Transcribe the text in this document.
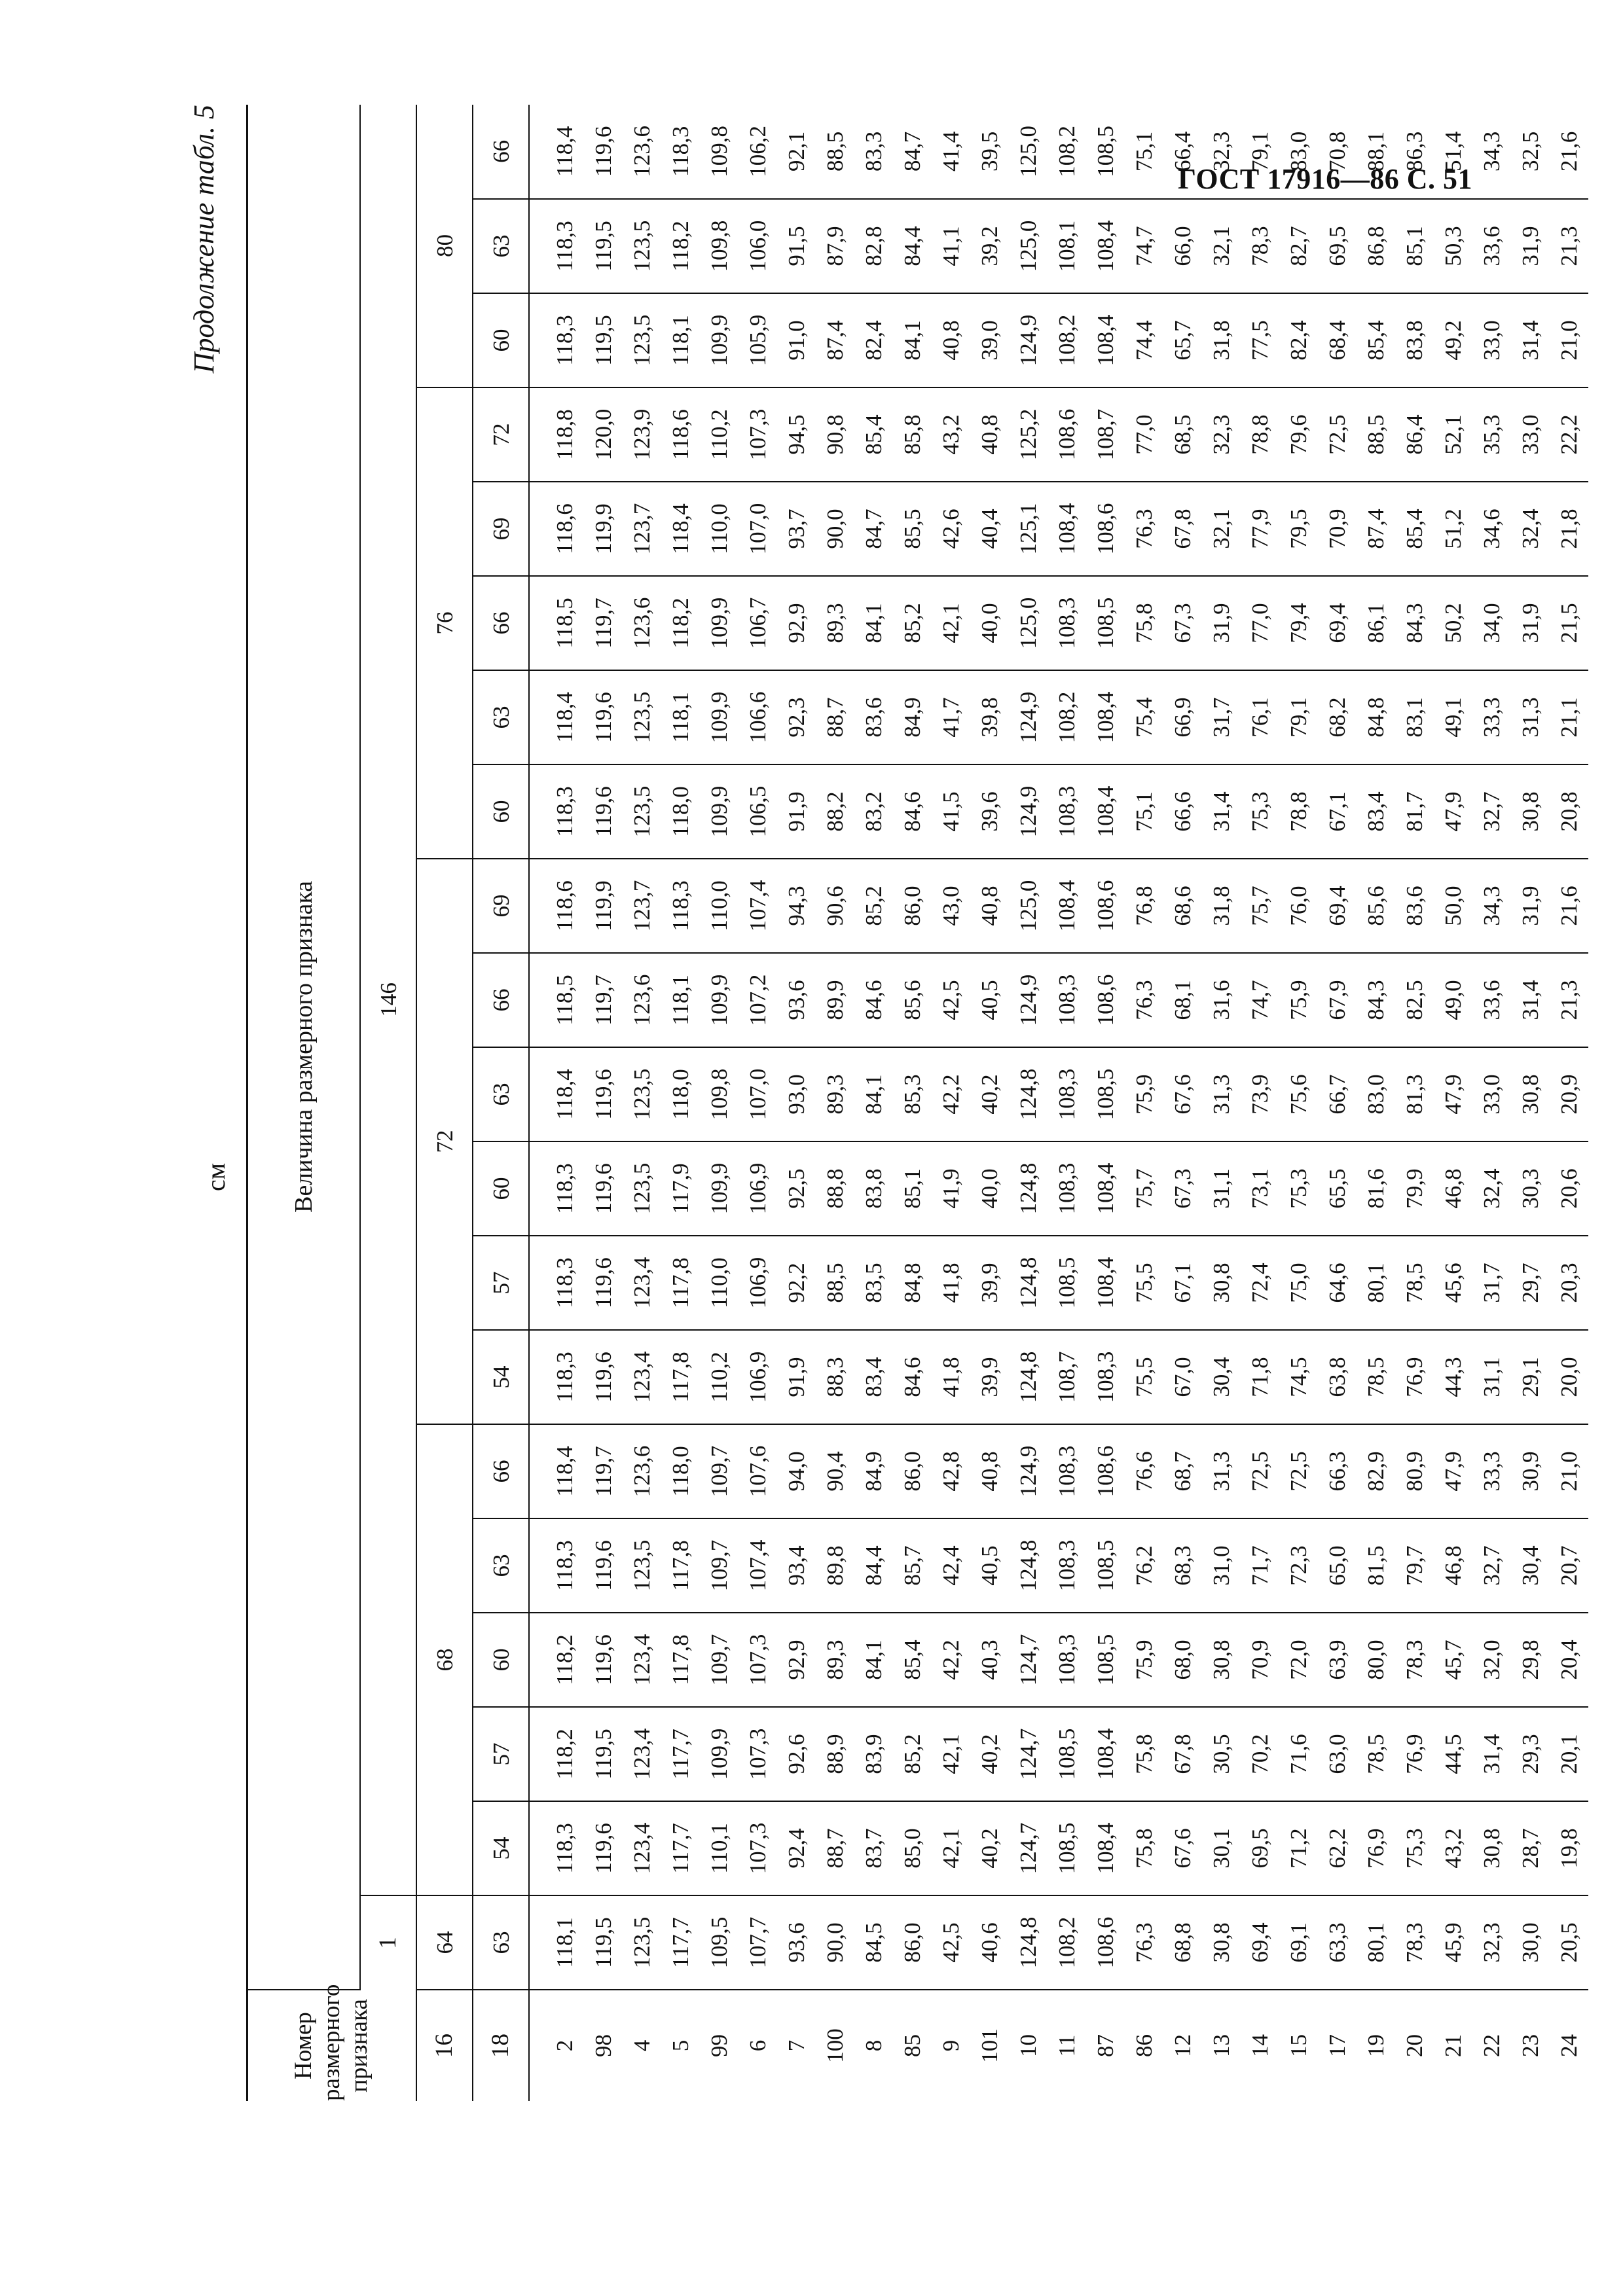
ГОСТ 17916—86 С. 51
Продолжение табл. 5
см
Номер размерного признака	Величина размерного признака																			
	1	146																		
16	64	68					72						76					80		
18	63	54	57	60	63	66	54	57	60	63	66	69	60	63	66	69	72	60	63	66
2	118,1	118,3	118,2	118,2	118,3	118,4	118,3	118,3	118,3	118,4	118,5	118,6	118,3	118,4	118,5	118,6	118,8	118,3	118,3	118,4
98	119,5	119,6	119,5	119,6	119,6	119,7	119,6	119,6	119,6	119,6	119,7	119,9	119,6	119,6	119,7	119,9	120,0	119,5	119,5	119,6
4	123,5	123,4	123,4	123,4	123,5	123,6	123,4	123,4	123,5	123,5	123,6	123,7	123,5	123,5	123,6	123,7	123,9	123,5	123,5	123,6
5	117,7	117,7	117,7	117,8	117,8	118,0	117,8	117,8	117,9	118,0	118,1	118,3	118,0	118,1	118,2	118,4	118,6	118,1	118,2	118,3
99	109,5	110,1	109,9	109,7	109,7	109,7	110,2	110,0	109,9	109,8	109,9	110,0	109,9	109,9	109,9	110,0	110,2	109,9	109,8	109,8
6	107,7	107,3	107,3	107,3	107,4	107,6	106,9	106,9	106,9	107,0	107,2	107,4	106,5	106,6	106,7	107,0	107,3	105,9	106,0	106,2
7	93,6	92,4	92,6	92,9	93,4	94,0	91,9	92,2	92,5	93,0	93,6	94,3	91,9	92,3	92,9	93,7	94,5	91,0	91,5	92,1
100	90,0	88,7	88,9	89,3	89,8	90,4	88,3	88,5	88,8	89,3	89,9	90,6	88,2	88,7	89,3	90,0	90,8	87,4	87,9	88,5
8	84,5	83,7	83,9	84,1	84,4	84,9	83,4	83,5	83,8	84,1	84,6	85,2	83,2	83,6	84,1	84,7	85,4	82,4	82,8	83,3
85	86,0	85,0	85,2	85,4	85,7	86,0	84,6	84,8	85,1	85,3	85,6	86,0	84,6	84,9	85,2	85,5	85,8	84,1	84,4	84,7
9	42,5	42,1	42,1	42,2	42,4	42,8	41,8	41,8	41,9	42,2	42,5	43,0	41,5	41,7	42,1	42,6	43,2	40,8	41,1	41,4
101	40,6	40,2	40,2	40,3	40,5	40,8	39,9	39,9	40,0	40,2	40,5	40,8	39,6	39,8	40,0	40,4	40,8	39,0	39,2	39,5
10	124,8	124,7	124,7	124,7	124,8	124,9	124,8	124,8	124,8	124,8	124,9	125,0	124,9	124,9	125,0	125,1	125,2	124,9	125,0	125,0
11	108,2	108,5	108,5	108,3	108,3	108,3	108,7	108,5	108,3	108,3	108,3	108,4	108,3	108,2	108,3	108,4	108,6	108,2	108,1	108,2
87	108,6	108,4	108,4	108,5	108,5	108,6	108,3	108,4	108,4	108,5	108,6	108,6	108,4	108,4	108,5	108,6	108,7	108,4	108,4	108,5
86	76,3	75,8	75,8	75,9	76,2	76,6	75,5	75,5	75,7	75,9	76,3	76,8	75,1	75,4	75,8	76,3	77,0	74,4	74,7	75,1
12	68,8	67,6	67,8	68,0	68,3	68,7	67,0	67,1	67,3	67,6	68,1	68,6	66,6	66,9	67,3	67,8	68,5	65,7	66,0	66,4
13	30,8	30,1	30,5	30,8	31,0	31,3	30,4	30,8	31,1	31,3	31,6	31,8	31,4	31,7	31,9	32,1	32,3	31,8	32,1	32,3
14	69,4	69,5	70,2	70,9	71,7	72,5	71,8	72,4	73,1	73,9	74,7	75,7	75,3	76,1	77,0	77,9	78,8	77,5	78,3	79,1
15	69,1	71,2	71,6	72,0	72,3	72,5	74,5	75,0	75,3	75,6	75,9	76,0	78,8	79,1	79,4	79,5	79,6	82,4	82,7	83,0
17	63,3	62,2	63,0	63,9	65,0	66,3	63,8	64,6	65,5	66,7	67,9	69,4	67,1	68,2	69,4	70,9	72,5	68,4	69,5	70,8
19	80,1	76,9	78,5	80,0	81,5	82,9	78,5	80,1	81,6	83,0	84,3	85,6	83,4	84,8	86,1	87,4	88,5	85,4	86,8	88,1
20	78,3	75,3	76,9	78,3	79,7	80,9	76,9	78,5	79,9	81,3	82,5	83,6	81,7	83,1	84,3	85,4	86,4	83,8	85,1	86,3
21	45,9	43,2	44,5	45,7	46,8	47,9	44,3	45,6	46,8	47,9	49,0	50,0	47,9	49,1	50,2	51,2	52,1	49,2	50,3	51,4
22	32,3	30,8	31,4	32,0	32,7	33,3	31,1	31,7	32,4	33,0	33,6	34,3	32,7	33,3	34,0	34,6	35,3	33,0	33,6	34,3
23	30,0	28,7	29,3	29,8	30,4	30,9	29,1	29,7	30,3	30,8	31,4	31,9	30,8	31,3	31,9	32,4	33,0	31,4	31,9	32,5
24	20,5	19,8	20,1	20,4	20,7	21,0	20,0	20,3	20,6	20,9	21,3	21,6	20,8	21,1	21,5	21,8	22,2	21,0	21,3	21,6
